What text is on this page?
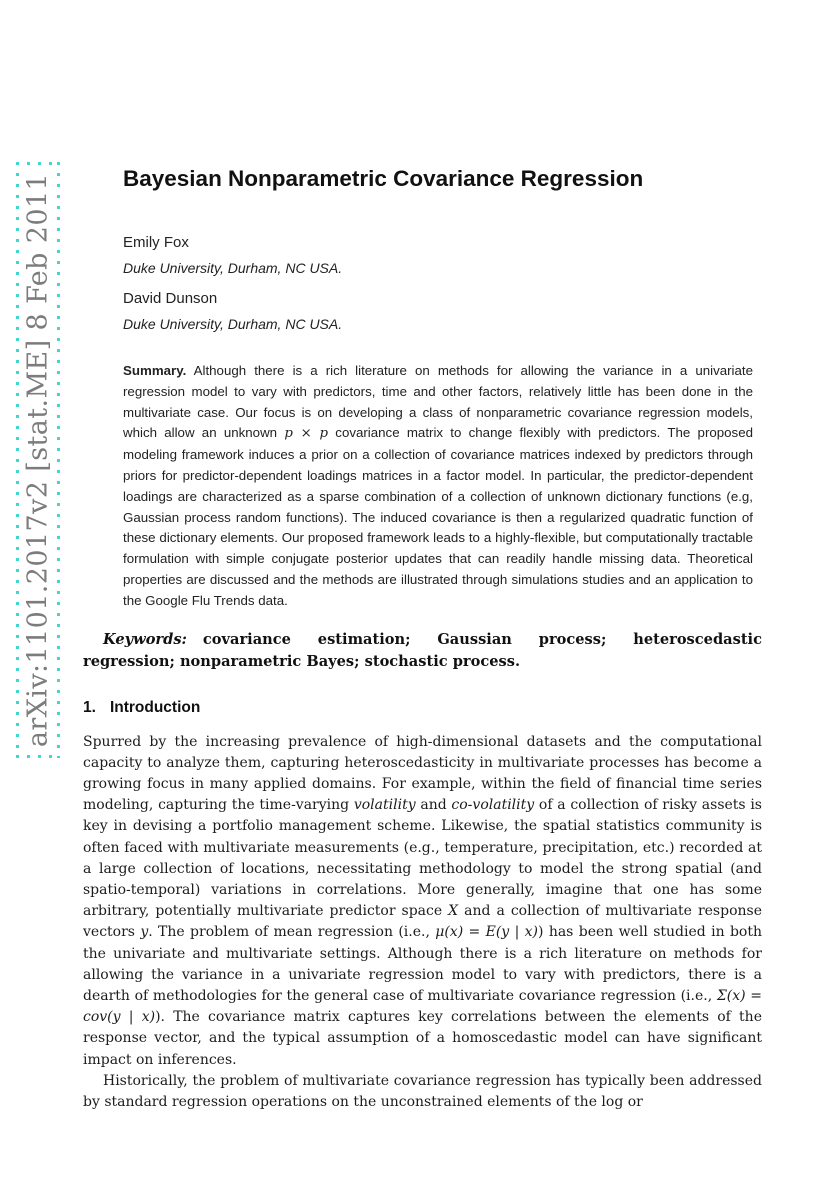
arXiv:1101.2017v2 [stat.ME] 8 Feb 2011	Bayesian Nonparametric Covariance Regression
Emily Fox
Duke University, Durham, NC USA.
David Dunson
Duke University, Durham, NC USA.

Summary. Although there is a rich literature on methods for allowing the variance in a univariate regression model to vary with predictors, time and other factors, relatively little has been done in the multivariate case. Our focus is on developing a class of nonparametric covariance regression models, which allow an unknown p × p covariance matrix to change flexibly with predictors. The proposed modeling framework induces a prior on a collection of covariance matrices indexed by predictors through priors for predictor-dependent loadings matrices in a factor model. In particular, the predictor-dependent loadings are characterized as a sparse combination of a collection of unknown dictionary functions (e.g, Gaussian process random functions). The induced covariance is then a regularized quadratic function of these dictionary elements. Our proposed framework leads to a highly-flexible, but computationally tractable formulation with simple conjugate posterior updates that can readily handle missing data. Theoretical properties are discussed and the methods are illustrated through simulations studies and an application to the Google Flu Trends data.

Keywords: covariance estimation; Gaussian process; heteroscedastic regression; nonparametric Bayes; stochastic process.

1. Introduction

Spurred by the increasing prevalence of high-dimensional datasets and the computational capacity to analyze them, capturing heteroscedasticity in multivariate processes has become a growing focus in many applied domains. For example, within the field of financial time series modeling, capturing the time-varying volatility and co-volatility of a collection of risky assets is key in devising a portfolio management scheme. Likewise, the spatial statistics community is often faced with multivariate measurements (e.g., temperature, precipitation, etc.) recorded at a large collection of locations, necessitating methodology to model the strong spatial (and spatio-temporal) variations in correlations. More generally, imagine that one has some arbitrary, potentially multivariate predictor space X and a collection of multivariate response vectors y. The problem of mean regression (i.e., μ(x) = E(y | x)) has been well studied in both the univariate and multivariate settings. Although there is a rich literature on methods for allowing the variance in a univariate regression model to vary with predictors, there is a dearth of methodologies for the general case of multivariate covariance regression (i.e., Σ(x) = cov(y | x)). The covariance matrix captures key correlations between the elements of the response vector, and the typical assumption of a homoscedastic model can have significant impact on inferences.

Historically, the problem of multivariate covariance regression has typically been addressed by standard regression operations on the unconstrained elements of the log or
